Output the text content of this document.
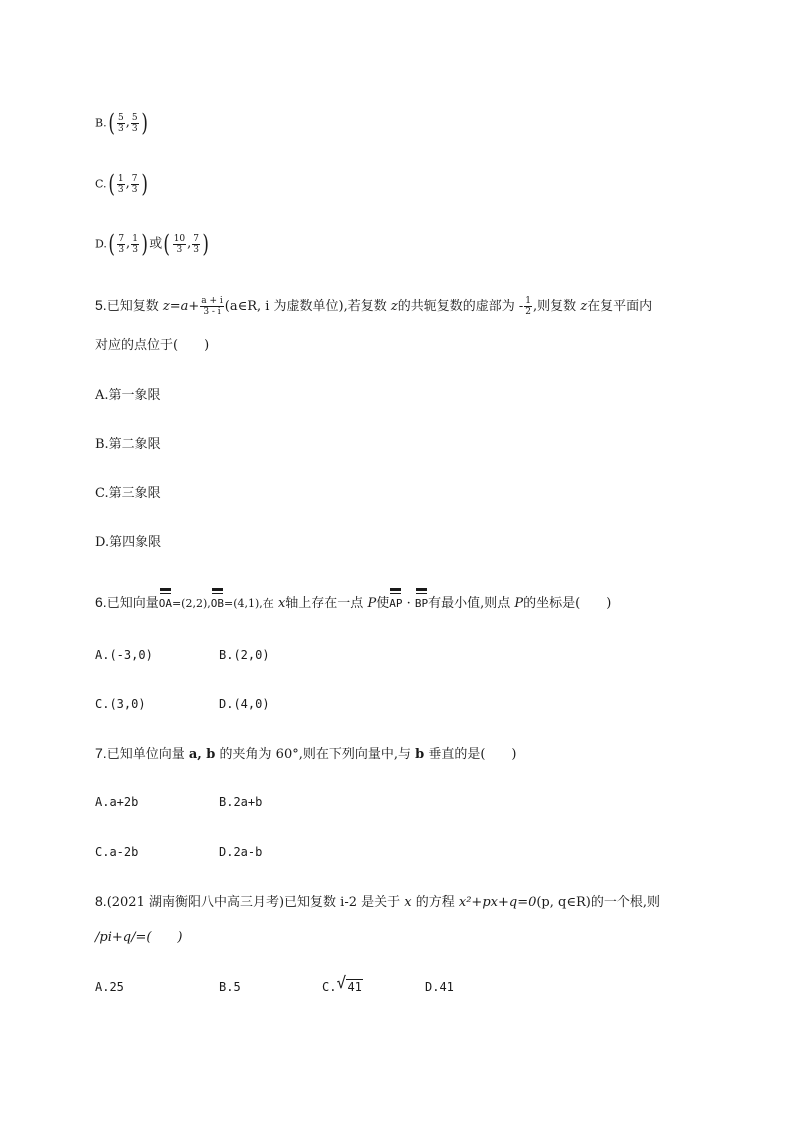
B. ( $\frac{5}{3}$ , $\frac{5}{3}$ )
C. ( $\frac{1}{3}$ , $\frac{7}{3}$ )
D. ( $\frac{7}{3}$ , $\frac{1}{3}$ ) 或 ( $\frac{10}{3}$ , $\frac{7}{3}$ )
5.已知复数 $z=a+ \frac{a + i}{3 - i}$ (a∈R, i 为虚数单位),若复数 z的共轭复数的虚部为 - $\frac{1}{2}$ ,则复数 z在复平面内
对应的点位于(　　)
A.第一象限
B.第二象限
C.第三象限
D.第四象限
6.已知向量OA=(2,2),OB=(4,1),在 x轴上存在一点 P使AP · BP有最小值,则点 P的坐标是(　　)
A.(-3,0)	B.(2,0)
C.(3,0)	D.(4,0)
7.已知单位向量 a, b 的夹角为 60°,则在下列向量中,与 b 垂直的是(　　)
A.a+2b	B.2a+b
C.a-2b	D.2a-b
8.(2021 湖南衡阳八中高三月考)已知复数 i-2 是关于 x 的方程 x²+px+q=0(p, q∈R)的一个根,则
/pi+q/=(　　)
A.25	B.5	C. √ 41	D.41
